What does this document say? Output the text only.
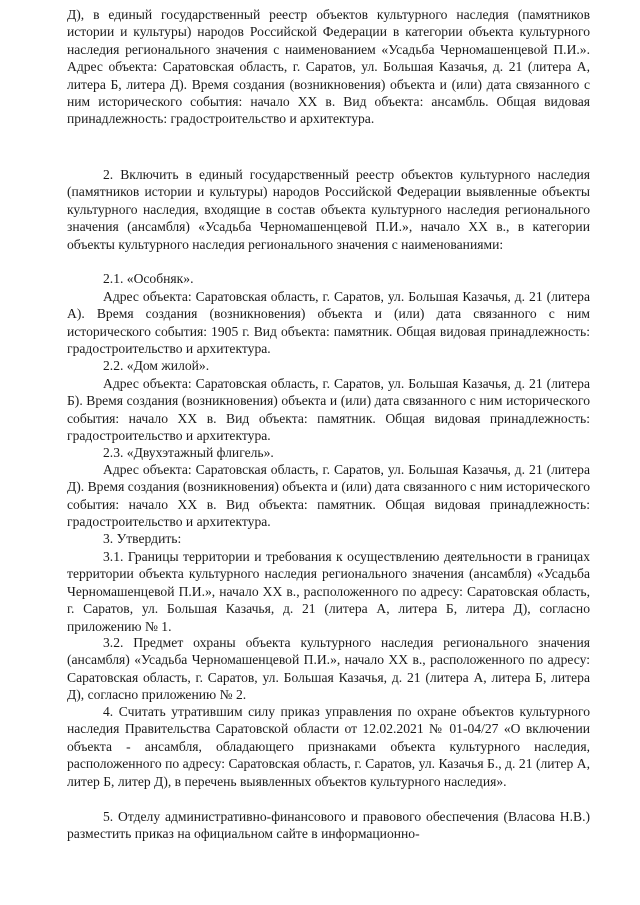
Д), в единый государственный реестр объектов культурного наследия (памятников истории и культуры) народов Российской Федерации в категории объекта культурного наследия регионального значения с наименованием «Усадьба Черномашенцевой П.И.». Адрес объекта: Саратовская область, г. Саратов, ул. Большая Казачья, д. 21 (литера А, литера Б, литера Д). Время создания (возникновения) объекта и (или) дата связанного с ним исторического события: начало XX в. Вид объекта: ансамбль. Общая видовая принадлежность: градостроительство и архитектура.

2. Включить в единый государственный реестр объектов культурного наследия (памятников истории и культуры) народов Российской Федерации выявленные объекты культурного наследия, входящие в состав объекта культурного наследия регионального значения (ансамбля) «Усадьба Черномашенцевой П.И.», начало XX в., в категории объекты культурного наследия регионального значения с наименованиями:

2.1. «Особняк».

Адрес объекта: Саратовская область, г. Саратов, ул. Большая Казачья, д. 21 (литера А). Время создания (возникновения) объекта и (или) дата связанного с ним исторического события: 1905 г. Вид объекта: памятник. Общая видовая принадлежность: градостроительство и архитектура.

2.2. «Дом жилой».

Адрес объекта: Саратовская область, г. Саратов, ул. Большая Казачья, д. 21 (литера Б). Время создания (возникновения) объекта и (или) дата связанного с ним исторического события: начало XX в. Вид объекта: памятник. Общая видовая принадлежность: градостроительство и архитектура.

2.3. «Двухэтажный флигель».

Адрес объекта: Саратовская область, г. Саратов, ул. Большая Казачья, д. 21 (литера Д). Время создания (возникновения) объекта и (или) дата связанного с ним исторического события: начало XX в. Вид объекта: памятник. Общая видовая принадлежность: градостроительство и архитектура.

3. Утвердить:

3.1. Границы территории и требования к осуществлению деятельности в границах территории объекта культурного наследия регионального значения (ансамбля) «Усадьба Черномашенцевой П.И.», начало XX в., расположенного по адресу: Саратовская область, г. Саратов, ул. Большая Казачья, д. 21 (литера А, литера Б, литера Д), согласно приложению № 1.

3.2. Предмет охраны объекта культурного наследия регионального значения (ансамбля) «Усадьба Черномашенцевой П.И.», начало XX в., расположенного по адресу: Саратовская область, г. Саратов, ул. Большая Казачья, д. 21 (литера А, литера Б, литера Д), согласно приложению № 2.

4. Считать утратившим силу приказ управления по охране объектов культурного наследия Правительства Саратовской области от 12.02.2021 № 01-04/27 «О включении объекта - ансамбля, обладающего признаками объекта культурного наследия, расположенного по адресу: Саратовская область, г. Саратов, ул. Казачья Б., д. 21 (литер А, литер Б, литер Д), в перечень выявленных объектов культурного наследия».

5. Отделу административно-финансового и правового обеспечения (Власова Н.В.) разместить приказ на официальном сайте в информационно-
